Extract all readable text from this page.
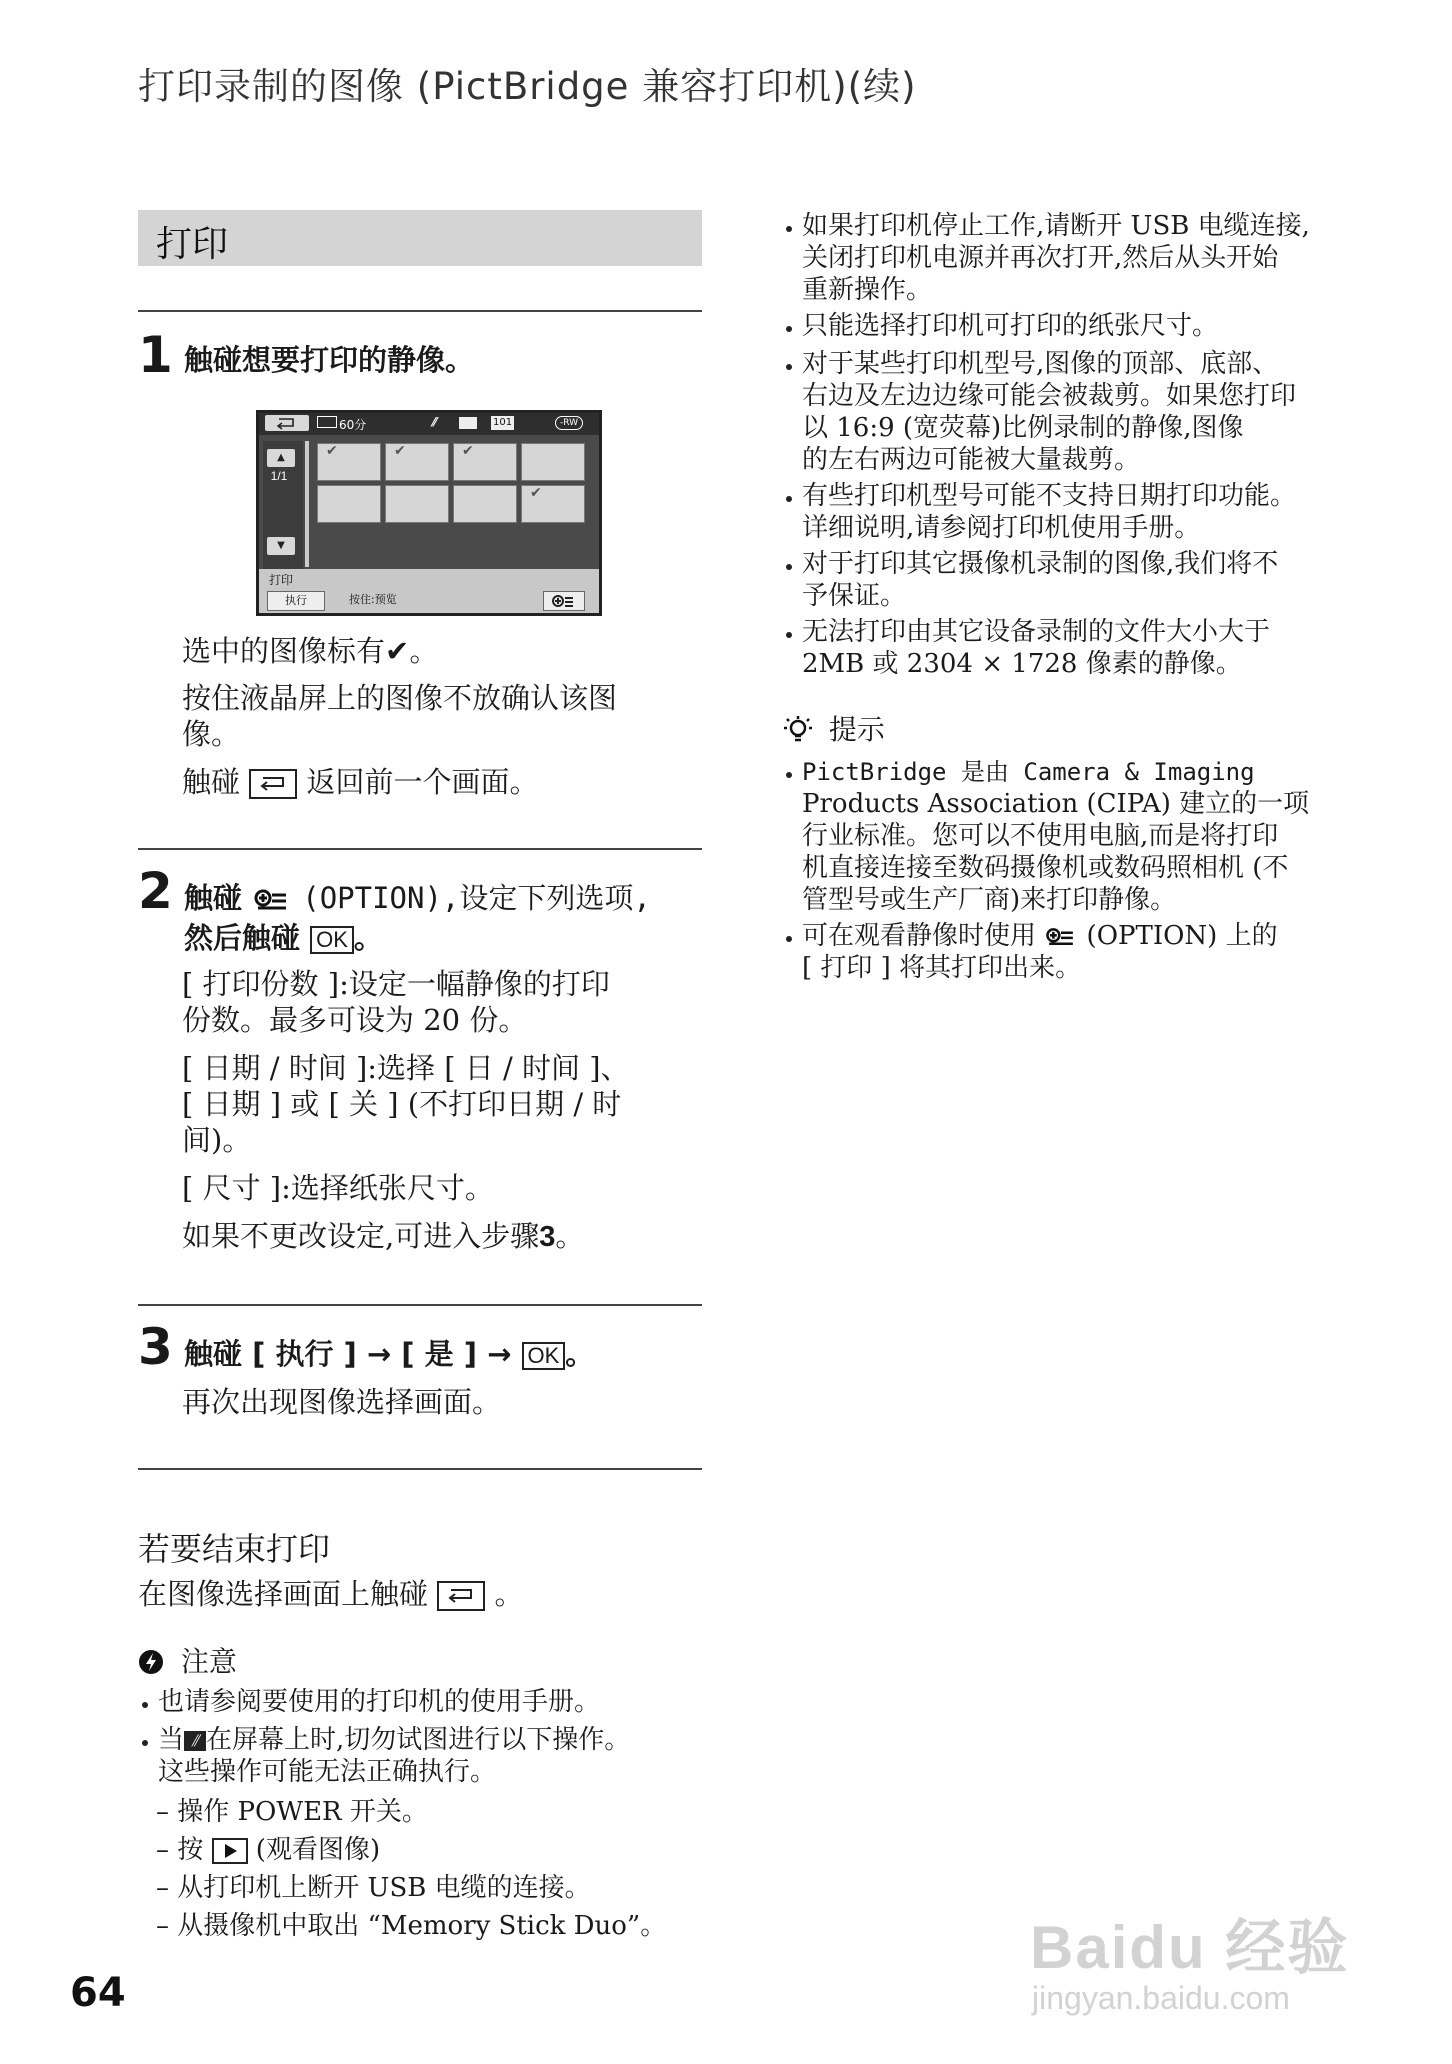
打印录制的图像 (PictBridge 兼容打印机)(续)
打印
1 触碰想要打印的静像。
60分	⫽	101	-RW
▲
1/1
▼
✔	✔	✔
✔
打印
执行	按住:预览
选中的图像标有✔。
按住液晶屏上的图像不放确认该图
像。
触碰 返回前一个画面。
2 触碰 (OPTION),设定下列选项,
然后触碰 OK 。
[ 打印份数 ]:设定一幅静像的打印
份数。最多可设为 20 份。
[ 日期 / 时间 ]:选择 [ 日 / 时间 ]、
[ 日期 ] 或 [ 关 ] (不打印日期 / 时
间)。
[ 尺寸 ]:选择纸张尺寸。
如果不更改设定,可进入步骤3。
3 触碰 [ 执行 ] → [ 是 ] → OK 。
再次出现图像选择画面。
若要结束打印
在图像选择画面上触碰 。
注意
也请参阅要使用的打印机的使用手册。
当 ⫽ 在屏幕上时,切勿试图进行以下操作。
这些操作可能无法正确执行。
– 操作 POWER 开关。
– 按 (观看图像)
– 从打印机上断开 USB 电缆的连接。
– 从摄像机中取出 “Memory Stick Duo”。
如果打印机停止工作,请断开 USB 电缆连接,
关闭打印机电源并再次打开,然后从头开始
重新操作。
只能选择打印机可打印的纸张尺寸。
对于某些打印机型号,图像的顶部、底部、
右边及左边边缘可能会被裁剪。如果您打印
以 16:9 (宽荧幕)比例录制的静像,图像
的左右两边可能被大量裁剪。
有些打印机型号可能不支持日期打印功能。
详细说明,请参阅打印机使用手册。
对于打印其它摄像机录制的图像,我们将不
予保证。
无法打印由其它设备录制的文件大小大于
2MB 或 2304 × 1728 像素的静像。
提示
PictBridge 是由 Camera & Imaging
Products Association (CIPA) 建立的一项
行业标准。您可以不使用电脑,而是将打印
机直接连接至数码摄像机或数码照相机 (不
管型号或生产厂商)来打印静像。
可在观看静像时使用 (OPTION) 上的
[ 打印 ] 将其打印出来。
64
Baidu 经验
jingyan.baidu.com
